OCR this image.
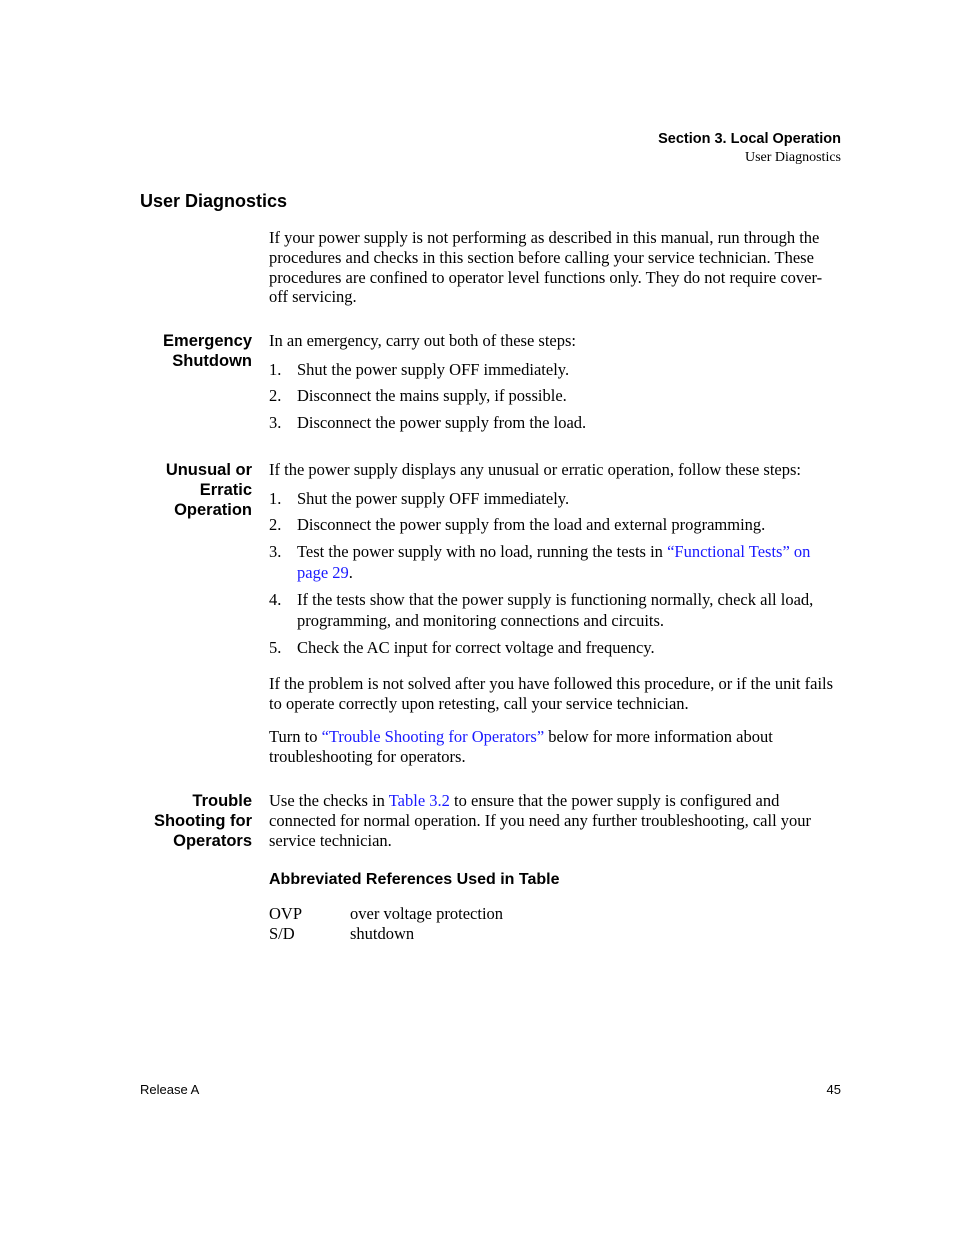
Section 3. Local Operation
User Diagnostics
User Diagnostics
If your power supply is not performing as described in this manual, run through the procedures and checks in this section before calling your service technician. These procedures are confined to operator level functions only. They do not require cover-off servicing.
Emergency
Shutdown
In an emergency, carry out both of these steps:
1. Shut the power supply OFF immediately.
2. Disconnect the mains supply, if possible.
3. Disconnect the power supply from the load.
Unusual or
Erratic
Operation
If the power supply displays any unusual or erratic operation, follow these steps:
1. Shut the power supply OFF immediately.
2. Disconnect the power supply from the load and external programming.
3. Test the power supply with no load, running the tests in “Functional Tests” on page 29.
4. If the tests show that the power supply is functioning normally, check all load, programming, and monitoring connections and circuits.
5. Check the AC input for correct voltage and frequency.
If the problem is not solved after you have followed this procedure, or if the unit fails to operate correctly upon retesting, call your service technician.
Turn to “Trouble Shooting for Operators” below for more information about troubleshooting for operators.
Trouble
Shooting for
Operators
Use the checks in Table 3.2 to ensure that the power supply is configured and connected for normal operation. If you need any further troubleshooting, call your service technician.
Abbreviated References Used in Table
OVP	over voltage protection
S/D	shutdown
Release A	45
